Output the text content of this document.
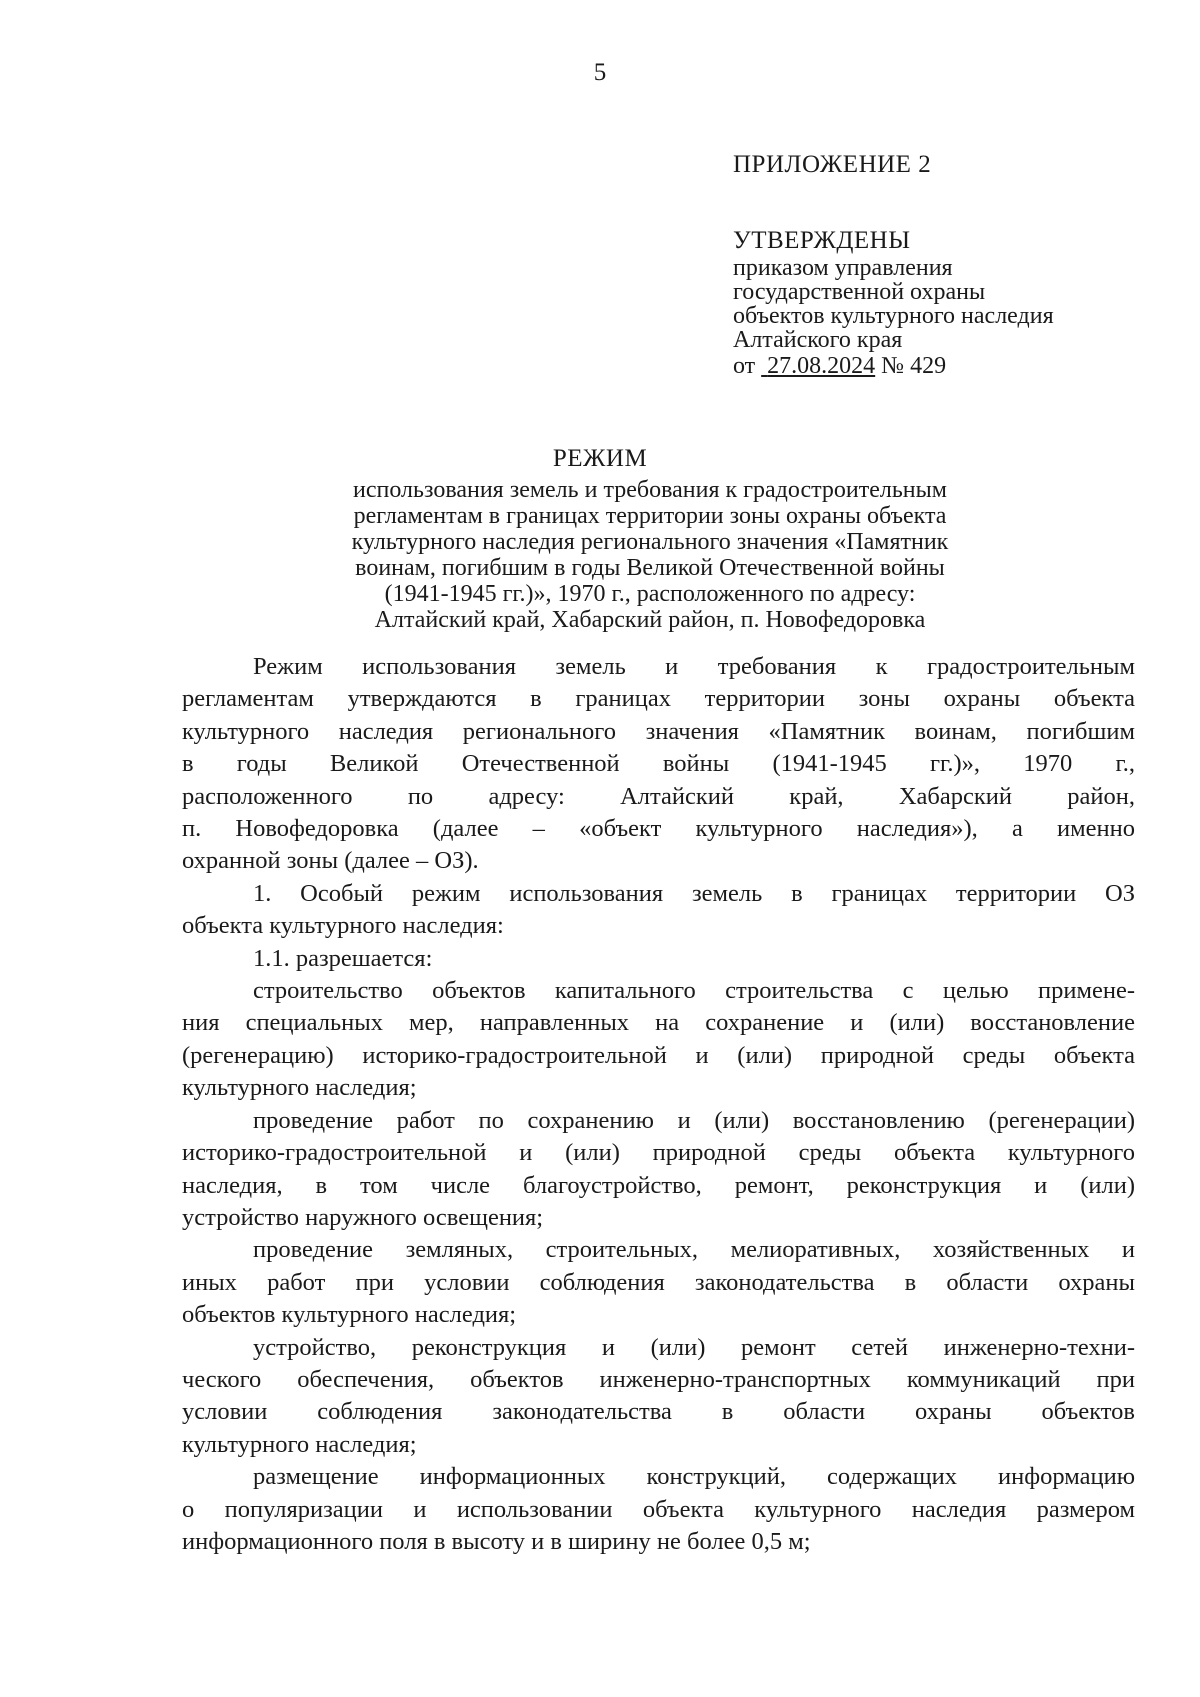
5
ПРИЛОЖЕНИЕ 2
УТВЕРЖДЕНЫ
приказом управления
государственной охраны
объектов культурного наследия
Алтайского края
от 27.08.2024 № 429
РЕЖИМ
использования земель и требования к градостроительным
регламентам в границах территории зоны охраны объекта
культурного наследия регионального значения «Памятник
воинам, погибшим в годы Великой Отечественной войны
(1941-1945 гг.)», 1970 г., расположенного по адресу:
Алтайский край, Хабарский район, п. Новофедоровка
Режим использования земель и требования к градостроительным
регламентам утверждаются в границах территории зоны охраны объекта
культурного наследия регионального значения «Памятник воинам, погибшим
в годы Великой Отечественной войны (1941-1945 гг.)», 1970 г.,
расположенного по адресу: Алтайский край, Хабарский район,
п. Новофедоровка (далее – «объект культурного наследия»), а именно
охранной зоны (далее – ОЗ).
1. Особый режим использования земель в границах территории ОЗ
объекта культурного наследия:
1.1. разрешается:
строительство объектов капитального строительства с целью примене-
ния специальных мер, направленных на сохранение и (или) восстановление
(регенерацию) историко-градостроительной и (или) природной среды объекта
культурного наследия;
проведение работ по сохранению и (или) восстановлению (регенерации)
историко-градостроительной и (или) природной среды объекта культурного
наследия, в том числе благоустройство, ремонт, реконструкция и (или)
устройство наружного освещения;
проведение земляных, строительных, мелиоративных, хозяйственных и
иных работ при условии соблюдения законодательства в области охраны
объектов культурного наследия;
устройство, реконструкция и (или) ремонт сетей инженерно-техни-
ческого обеспечения, объектов инженерно-транспортных коммуникаций при
условии соблюдения законодательства в области охраны объектов
культурного наследия;
размещение информационных конструкций, содержащих информацию
о популяризации и использовании объекта культурного наследия размером
информационного поля в высоту и в ширину не более 0,5 м;
